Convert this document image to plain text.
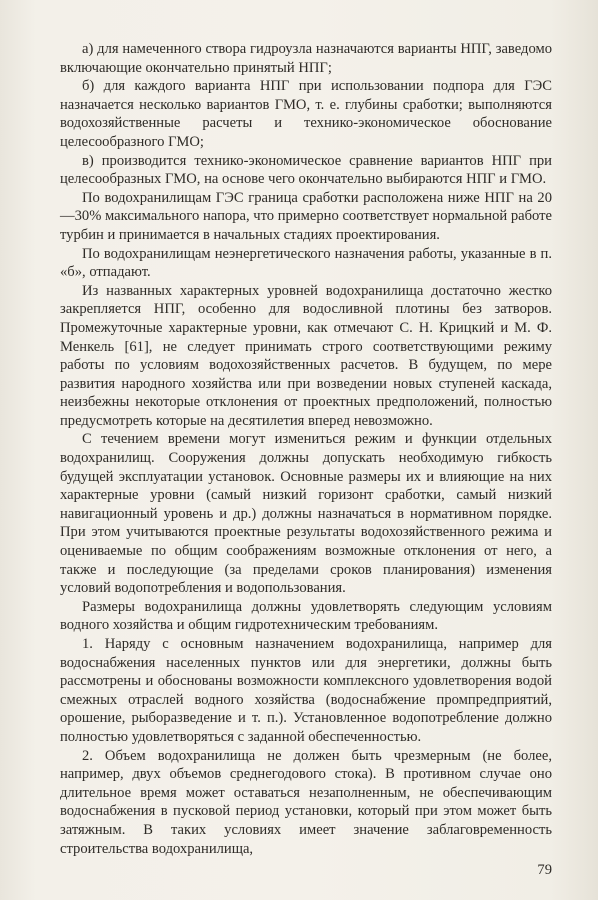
а) для намеченного створа гидроузла назначаются варианты НПГ, заведомо включающие окончательно принятый НПГ;

б) для каждого варианта НПГ при использовании подпора для ГЭС назначается несколько вариантов ГМО, т. е. глубины сработки; выполняются водохозяйственные расчеты и технико-экономическое обоснование целесообразного ГМО;

в) производится технико-экономическое сравнение вариантов НПГ при целесообразных ГМО, на основе чего окончательно выбираются НПГ и ГМО.

По водохранилищам ГЭС граница сработки расположена ниже НПГ на 20—30% максимального напора, что примерно соответствует нормальной работе турбин и принимается в начальных стадиях проектирования.

По водохранилищам неэнергетического назначения работы, указанные в п. «б», отпадают.

Из названных характерных уровней водохранилища достаточно жестко закрепляется НПГ, особенно для водосливной плотины без затворов. Промежуточные характерные уровни, как отмечают С. Н. Крицкий и М. Ф. Менкель [61], не следует принимать строго соответствующими режиму работы по условиям водохозяйственных расчетов. В будущем, по мере развития народного хозяйства или при возведении новых ступеней каскада, неизбежны некоторые отклонения от проектных предположений, полностью предусмотреть которые на десятилетия вперед невозможно.

С течением времени могут измениться режим и функции отдельных водохранилищ. Сооружения должны допускать необходимую гибкость будущей эксплуатации установок. Основные размеры их и влияющие на них характерные уровни (самый низкий горизонт сработки, самый низкий навигационный уровень и др.) должны назначаться в нормативном порядке. При этом учитываются проектные результаты водохозяйственного режима и оцениваемые по общим соображениям возможные отклонения от него, а также и последующие (за пределами сроков планирования) изменения условий водопотребления и водопользования.

Размеры водохранилища должны удовлетворять следующим условиям водного хозяйства и общим гидротехническим требованиям.

1. Наряду с основным назначением водохранилища, например для водоснабжения населенных пунктов или для энергетики, должны быть рассмотрены и обоснованы возможности комплексного удовлетворения водой смежных отраслей водного хозяйства (водоснабжение промпредприятий, орошение, рыборазведение и т. п.). Установленное водопотребление должно полностью удовлетворяться с заданной обеспеченностью.

2. Объем водохранилища не должен быть чрезмерным (не более, например, двух объемов среднегодового стока). В противном случае оно длительное время может оставаться незаполненным, не обеспечивающим водоснабжения в пусковой период установки, который при этом может быть затяжным. В таких условиях имеет значение заблаговременность строительства водохранилища,

79
